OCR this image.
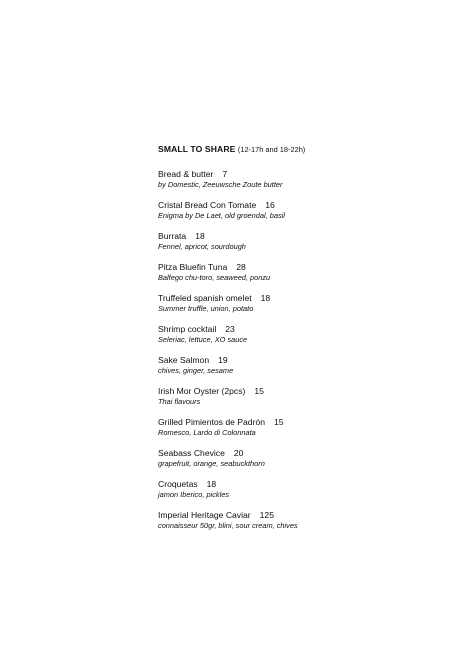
SMALL TO SHARE (12-17h and 18-22h)
Bread & butter 7
by Domestic, Zeeuwsche Zoute butter
Cristal Bread Con Tomate 16
Enigma by De Laet, old groendal, basil
Burrata 18
Fennel, apricot, sourdough
Pitza Bluefin Tuna 28
Balfego chu-toro, seaweed, ponzu
Truffeled spanish omelet 18
Summer truffle, union, potato
Shrimp cocktail 23
Seleriac, lettuce, XO sauce
Sake Salmon 19
chives, ginger, sesame
Irish Mor Oyster (2pcs) 15
Thai flavours
Grilled Pimientos de Padrón 15
Romesco, Lardo di Colonnata
Seabass Chevice 20
grapefruit, orange, seabuckthorn
Croquetas 18
jamon Iberico, pickles
Imperial Heritage Caviar 125
connaisseur 50gr, blini, sour cream, chives
